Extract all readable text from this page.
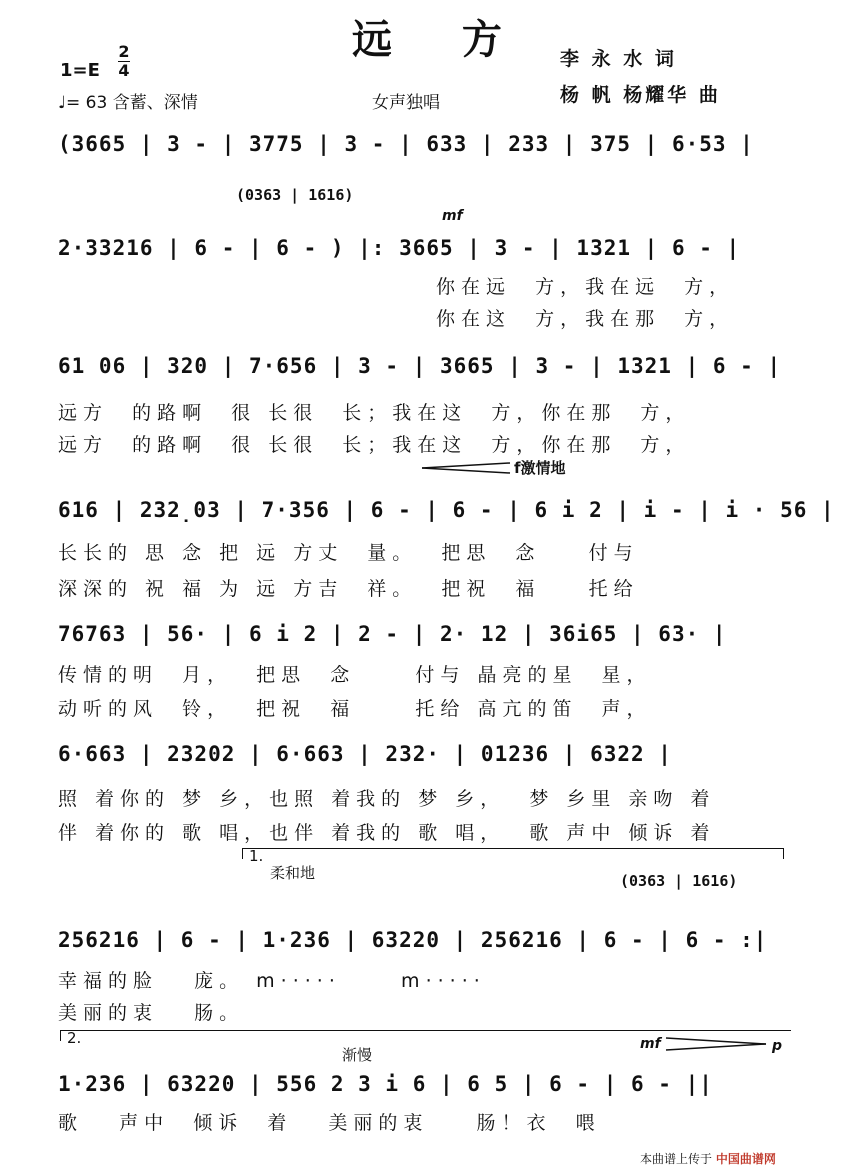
远 方
1=E
2
4
♩= 63 含蓄、深情	女声独唱
李 永 水 词
杨 帆 杨耀华 曲
(3665 | 3 - | 3775 | 3 - | 633 | 233 | 375 | 6·53 |
(0363 | 1616)
mf
2·33216 | 6 - | 6 - ) |: 3665 | 3 - | 1321 | 6 - |
你在远  方，我在远  方，
你在这  方，我在那  方，
61 06 | 320 | 7·656 | 3 - | 3665 | 3 - | 1321 | 6 - |
远方  的路啊  很 长很  长；我在这  方，你在那  方，
远方  的路啊  很 长很  长；我在这  方，你在那  方，
f激情地
616 | 232̣03 | 7·356 | 6 - | 6 - | 6 i 2 | i - | i · 56 |
长长的 思 念 把 远 方丈  量。  把思  念    付与
深深的 祝 福 为 远 方吉  祥。  把祝  福    托给
76763 | 56· | 6 i 2 | 2 - | 2· 12 | 36i65 | 63· |
传情的明  月，  把思  念     付与 晶亮的星  星，
动听的风  铃，  把祝  福     托给 高亢的笛  声，
6·663 | 23202 | 6·663 | 232· | 01236 | 6322 |
照 着你的 梦 乡，也照 着我的 梦 乡，  梦 乡里 亲吻 着
伴 着你的 歌 唱，也伴 着我的 歌 唱，  歌 声中 倾诉 着
1.
柔和地	(0363 | 1616)
256216 | 6 - | 1·236 | 63220 | 256216 | 6 - | 6 - :|
幸福的脸   庞。 m·····     m·····
美丽的衷   肠。
2.
渐慢
mf	p
1·236 | 63220 | 556 2 3 i 6 | 6 5 | 6 - | 6 - ||
歌   声中  倾诉  着   美丽的衷    肠！衣  喂
本曲谱上传于 中国曲谱网
